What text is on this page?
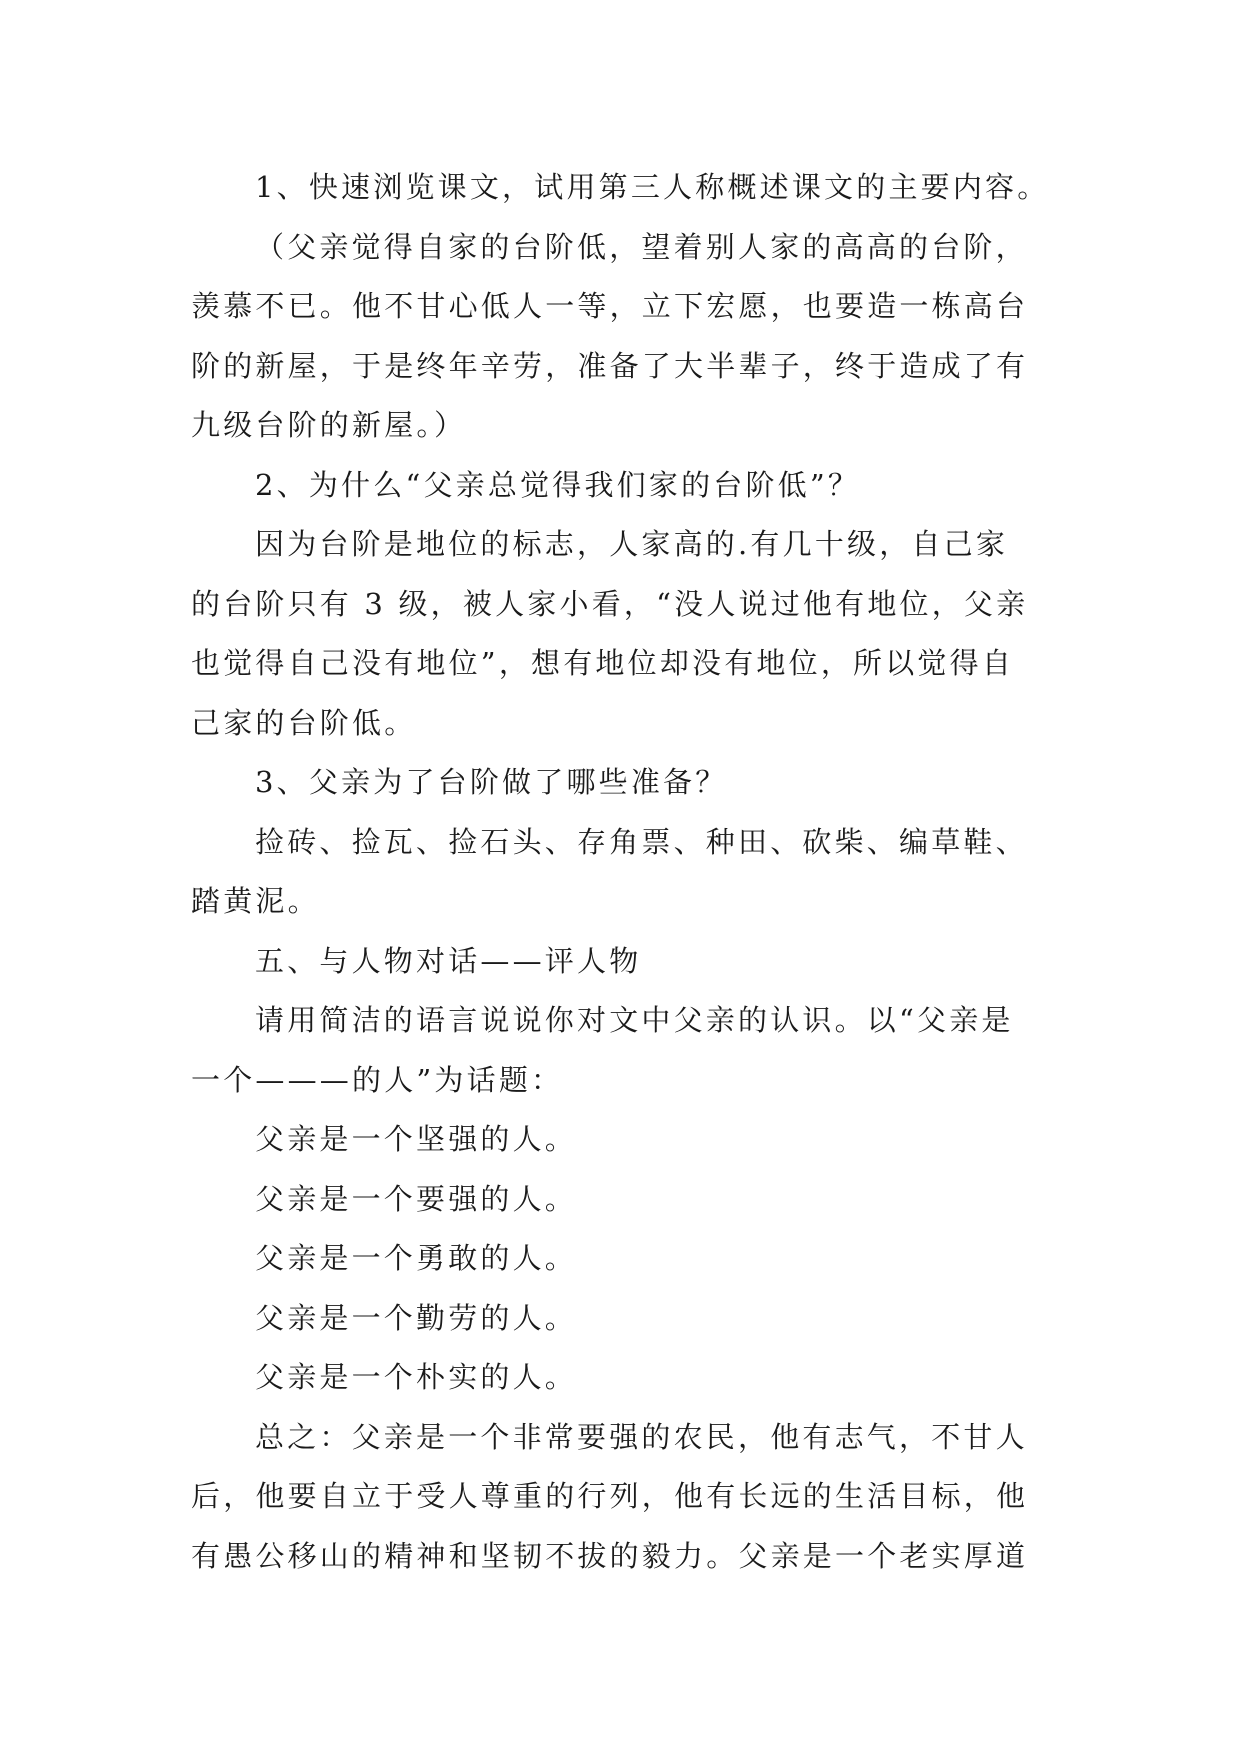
1、快速浏览课文，试用第三人称概述课文的主要内容。
（父亲觉得自家的台阶低，望着别人家的高高的台阶，
羡慕不已。他不甘心低人一等，立下宏愿，也要造一栋高台
阶的新屋，于是终年辛劳，准备了大半辈子，终于造成了有
九级台阶的新屋。）
2、为什么“父亲总觉得我们家的台阶低”？
因为台阶是地位的标志，人家高的.有几十级，自己家
的台阶只有 3 级，被人家小看，“没人说过他有地位，父亲
也觉得自己没有地位”，想有地位却没有地位，所以觉得自
己家的台阶低。
3、父亲为了台阶做了哪些准备？
捡砖、捡瓦、捡石头、存角票、种田、砍柴、编草鞋、
踏黄泥。
五、与人物对话——评人物
请用简洁的语言说说你对文中父亲的认识。以“父亲是
一个———的人”为话题：
父亲是一个坚强的人。
父亲是一个要强的人。
父亲是一个勇敢的人。
父亲是一个勤劳的人。
父亲是一个朴实的人。
总之：父亲是一个非常要强的农民，他有志气，不甘人
后，他要自立于受人尊重的行列，他有长远的生活目标，他
有愚公移山的精神和坚韧不拔的毅力。父亲是一个老实厚道
